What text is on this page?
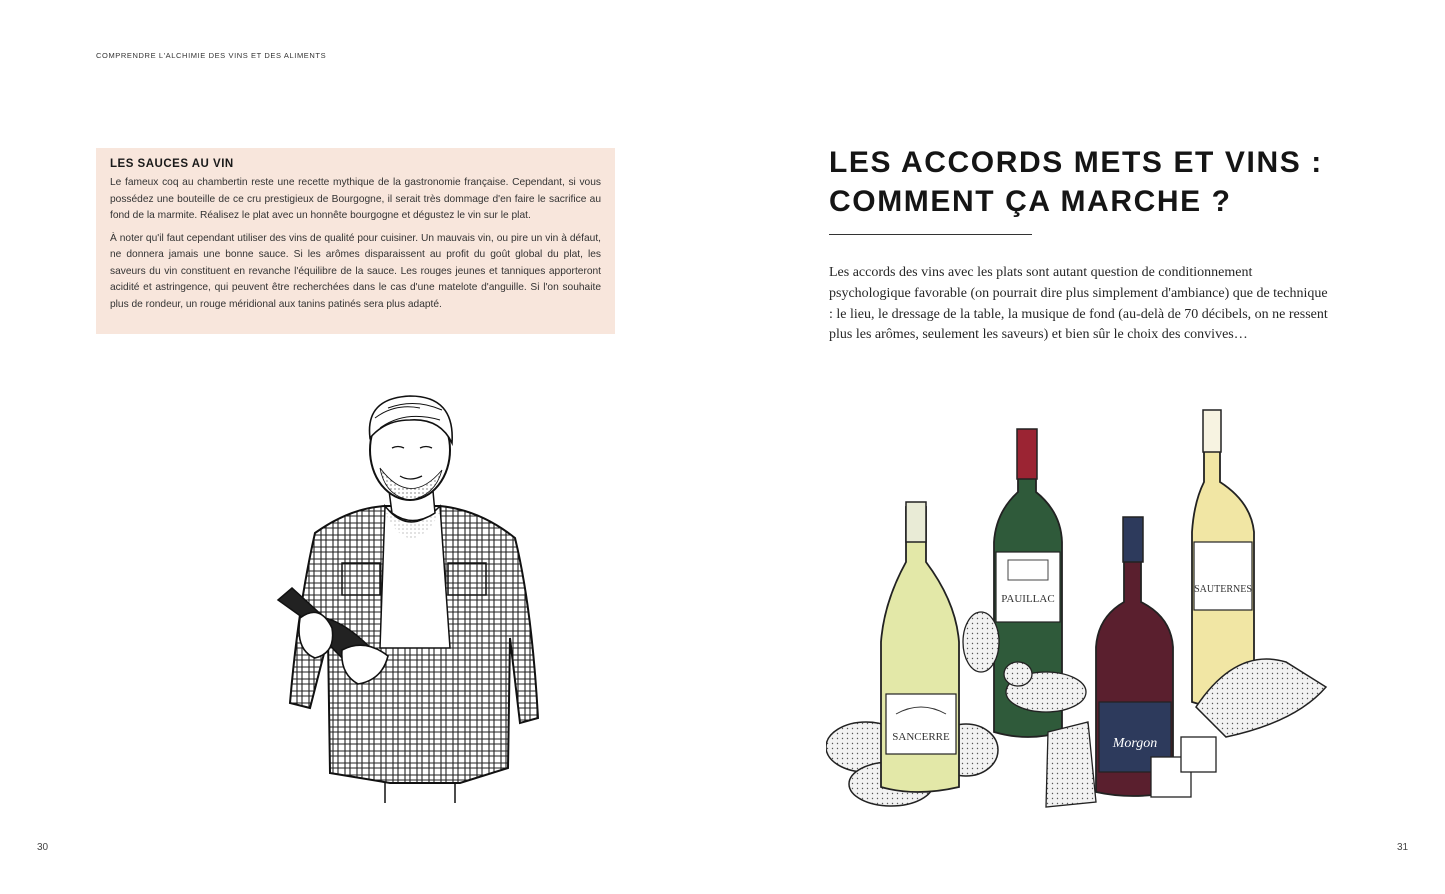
COMPRENDRE L'ALCHIMIE DES VINS ET DES ALIMENTS
LES SAUCES AU VIN

Le fameux coq au chambertin reste une recette mythique de la gastronomie française. Cependant, si vous possédez une bouteille de ce cru prestigieux de Bourgogne, il serait très dommage d'en faire le sacrifice au fond de la marmite. Réalisez le plat avec un honnête bourgogne et dégustez le vin sur le plat.

À noter qu'il faut cependant utiliser des vins de qualité pour cuisiner. Un mauvais vin, ou pire un vin à défaut, ne donnera jamais une bonne sauce. Si les arômes disparaissent au profit du goût global du plat, les saveurs du vin constituent en revanche l'équilibre de la sauce. Les rouges jeunes et tanniques apporteront acidité et astringence, qui peuvent être recherchées dans le cas d'une matelote d'anguille. Si l'on souhaite plus de rondeur, un rouge méridional aux tanins patinés sera plus adapté.

LES ACCORDS METS ET VINS : COMMENT ÇA MARCHE ?

Les accords des vins avec les plats sont autant question de conditionnement psychologique favorable (on pourrait dire plus simplement d'ambiance) que de technique : le lieu, le dressage de la table, la musique de fond (au-delà de 70 décibels, on ne ressent plus les arômes, seulement les saveurs) et bien sûr le choix des convives…

SANCERRE
PAUILLAC
Morgon
SAUTERNES
30	31
